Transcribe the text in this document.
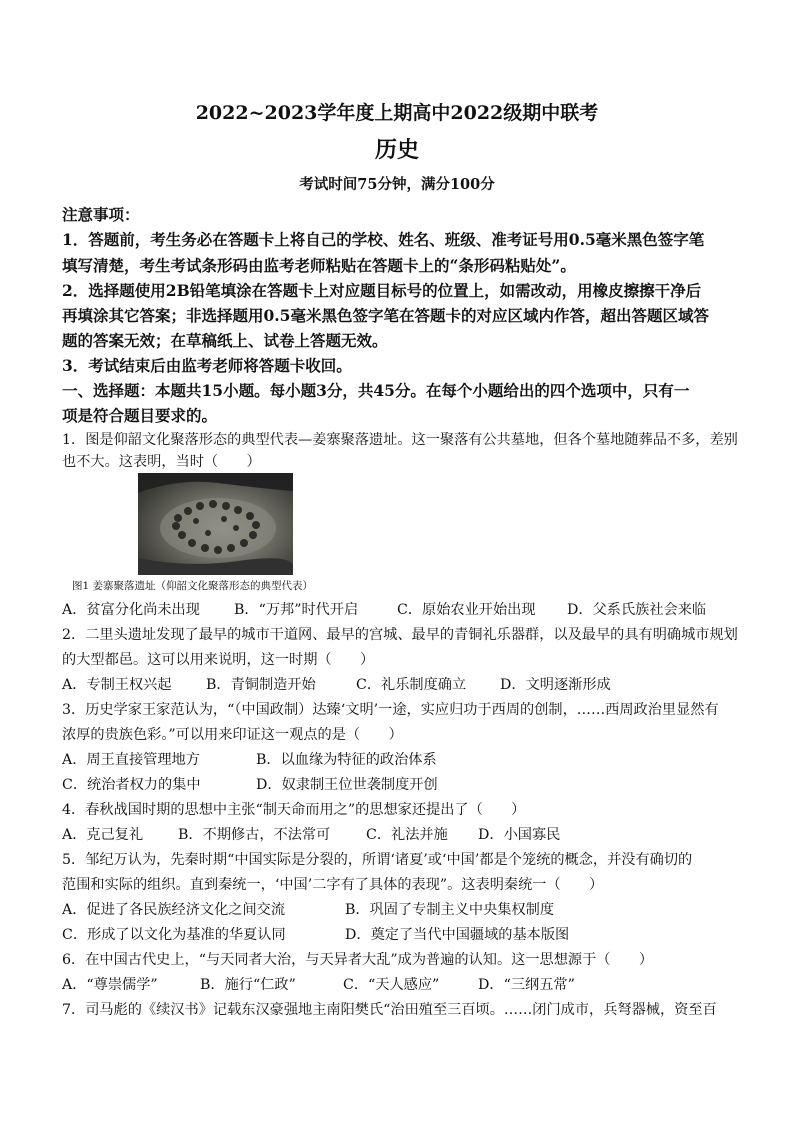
2022~2023学年度上期高中2022级期中联考
历史
考试时间75分钟，满分100分
注意事项：
1．答题前，考生务必在答题卡上将自己的学校、姓名、班级、准考证号用0.5毫米黑色签字笔
填写清楚，考生考试条形码由监考老师粘贴在答题卡上的“条形码粘贴处”。
2．选择题使用2B铅笔填涂在答题卡上对应题目标号的位置上，如需改动，用橡皮擦擦干净后
再填涂其它答案；非选择题用0.5毫米黑色签字笔在答题卡的对应区域内作答，超出答题区域答
题的答案无效；在草稿纸上、试卷上答题无效。
3．考试结束后由监考老师将答题卡收回。
一、选择题：本题共15小题。每小题3分，共45分。在每个小题给出的四个选项中，只有一
项是符合题目要求的。
1．图是仰韶文化聚落形态的典型代表—姜寨聚落遗址。这一聚落有公共墓地，但各个墓地随葬品不多，差别
也不大。这表明，当时（　　）
图1 姜寨聚落遗址（仰韶文化聚落形态的典型代表）
A．贫富分化尚未出现 B．“万邦”时代开启	C．原始农业开始出现 D．父系氏族社会来临
2．二里头遗址发现了最早的城市干道网、最早的宫城、最早的青铜礼乐器群，以及最早的具有明确城市规划
的大型都邑。这可以用来说明，这一时期（　　）
A．专制王权兴起 B．青铜制造开始	C．礼乐制度确立 D．文明逐渐形成
3．历史学家王家范认为，“（中国政制）达臻‘文明’一途，实应归功于西周的创制，……西周政治里显然有
浓厚的贵族色彩。”可以用来印证这一观点的是（　　）
A．周王直接管理地方	B．以血缘为特征的政治体系
C．统治者权力的集中	D．奴隶制王位世袭制度开创
4．春秋战国时期的思想中主张“制天命而用之”的思想家还提出了（　　）
A．克己复礼 B．不期修古，不法常可	C．礼法并施 D．小国寡民
5．邹纪万认为，先秦时期“中国实际是分裂的，所谓‘诸夏’或‘中国’都是个笼统的概念，并没有确切的
范围和实际的组织。直到秦统一，‘中国’二字有了具体的表现”。这表明秦统一（　　）
A．促进了各民族经济文化之间交流	B．巩固了专制主义中央集权制度
C．形成了以文化为基准的华夏认同	D．奠定了当代中国疆域的基本版图
6．在中国古代史上，“与天同者大治，与天异者大乱”成为普遍的认知。这一思想源于（　　）
A．“尊崇儒学”	B．施行“仁政”	C．“天人感应”	D．“三纲五常”
7．司马彪的《续汉书》记载东汉豪强地主南阳樊氏“治田殖至三百顷。……闭门成市，兵弩器械，资至百
